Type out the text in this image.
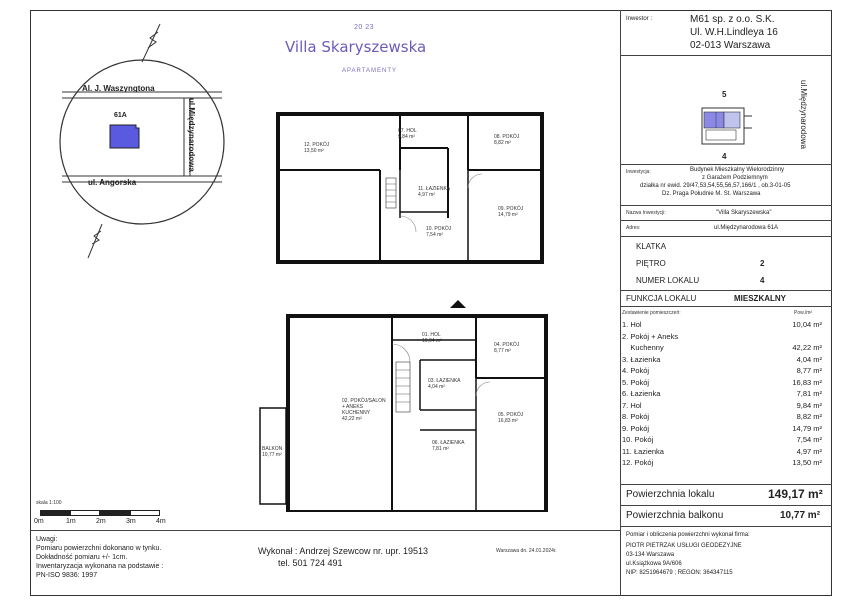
20 23
Villa Skaryszewska
APARTAMENTY
Inwestor :	M61 sp. z o.o. S.K.
Ul. W.H.Lindleya 16
02-013 Warszawa
Al. J. Waszyngtona
ul. Angorska
61A	ul.Międzynarodowa
5
4
ul.Międzynarodowa
Inwestycja:	Budynek Mieszkalny Wielorodzinny
z Garażem Podziemnym
działka nr ewid. 29/47,53,54,55,56,57,166/1 , ob.3-01-05
Dz. Praga Południe M. St. Warszawa
Nazwa Inwestycji:	"Villa Skaryszewska"
Adres:	ul.Międzynarodowa 61A
KLATKA
PIĘTRO	2
NUMER LOKALU	4
FUNKCJA LOKALU	MIESZKALNY
Zestawienie pomieszczeń:	Pow./m²
1. Hol	10,04 m²
2. Pokój + Aneks
Kuchenny	42,22 m²
3. Łazienka	4,04 m²
4. Pokój	8,77 m²
5. Pokój	16,83 m²
6. Łazienka	7,81 m²
7. Hol	9,84 m²
8. Pokój	8,82 m²
9. Pokój	14,79 m²
10. Pokój	7,54 m²
11. Łazienka	4,97 m²
12. Pokój	13,50 m²
Powierzchnia lokalu	149,17 m²
Powierzchnia balkonu	10,77 m²
Pomiar i obliczenia powierzchni wykonał firma:
PIOTR PIETRZAK USŁUGI GEODEZYJNE
03-134 Warszawa
ul.Książkowa 9A/606
NIP: 8251964679 ; REGON: 364347115
Uwagi:
Pomiaru powierzchni dokonano w tynku.
Dokładność pomiaru +/- 1cm.
Inwentaryzacja wykonana na podstawie :
PN-ISO 9836: 1997
Wykonał : Andrzej Szewcow nr. upr. 19513
tel. 501 724 491
Warszawa dn. 24.01.2024r.
skala 1:100
0m	1m	2m	3m	4m
12. POKÓJ
13,50 m²
07. HOL
9,84 m²	08. POKÓJ
8,82 m²
11. ŁAZIENKA
4,97 m²
09. POKÓJ
14,79 m²
10. POKÓJ
7,54 m²
01. HOL
10,04 m²
04. POKÓJ
8,77 m²
02. POKÓJ/SALON
+ ANEKS
KUCHENNY
42,22 m²
03. ŁAZIENKA
4,04 m²
05. POKÓJ
16,83 m²
06. ŁAZIENKA
7,81 m²
BALKON
10,77 m²
